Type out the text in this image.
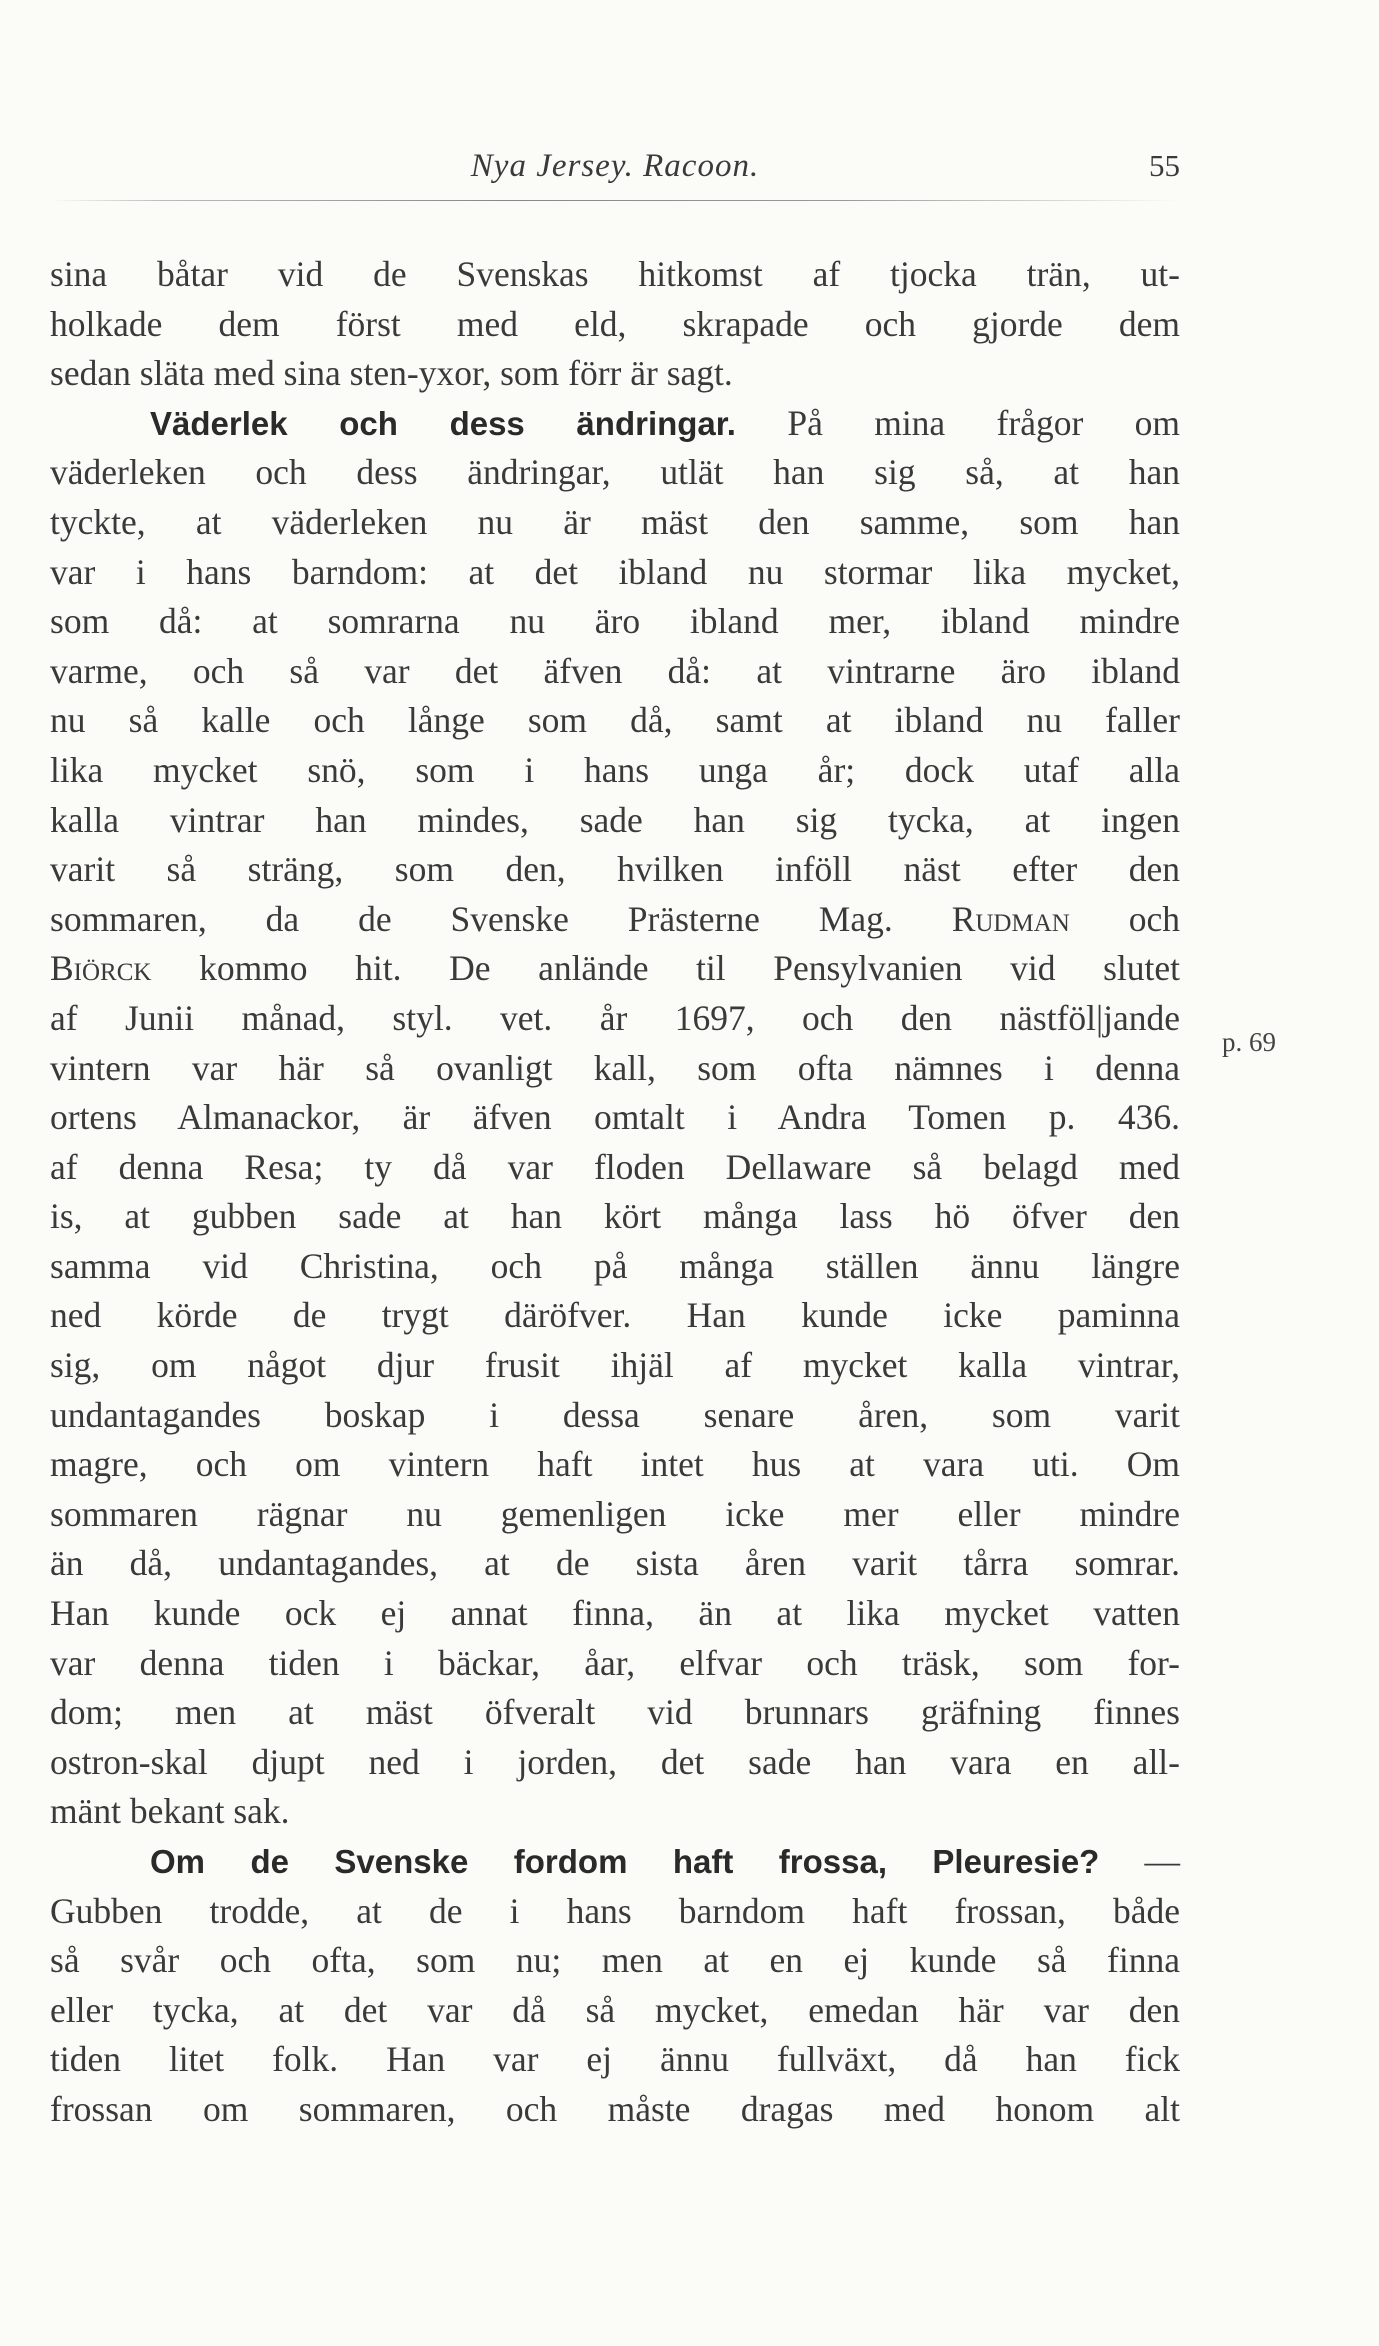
Nya Jersey. Racoon.	55
sina båtar vid de Svenskas hitkomst af tjocka trän, ut-
holkade dem först med eld, skrapade och gjorde dem
sedan släta med sina sten-yxor, som förr är sagt.
Väderlek och dess ändringar. På mina frågor om
väderleken och dess ändringar, utlät han sig så, at han
tyckte, at väderleken nu är mäst den samme, som han
var i hans barndom: at det ibland nu stormar lika mycket,
som då: at somrarna nu äro ibland mer, ibland mindre
varme, och så var det äfven då: at vintrarne äro ibland
nu så kalle och långe som då, samt at ibland nu faller
lika mycket snö, som i hans unga år; dock utaf alla
kalla vintrar han mindes, sade han sig tycka, at ingen
varit så sträng, som den, hvilken inföll näst efter den
sommaren, da de Svenske Prästerne Mag. Rudman och
Biörck kommo hit. De anlände til Pensylvanien vid slutet
af Junii månad, styl. vet. år 1697, och den nästföl|jande
vintern var här så ovanligt kall, som ofta nämnes i denna
ortens Almanackor, är äfven omtalt i Andra Tomen p. 436.
af denna Resa; ty då var floden Dellaware så belagd med
is, at gubben sade at han kört många lass hö öfver den
samma vid Christina, och på många ställen ännu längre
ned körde de trygt däröfver. Han kunde icke paminna
sig, om något djur frusit ihjäl af mycket kalla vintrar,
undantagandes boskap i dessa senare åren, som varit
magre, och om vintern haft intet hus at vara uti. Om
sommaren rägnar nu gemenligen icke mer eller mindre
än då, undantagandes, at de sista åren varit tårra somrar.
Han kunde ock ej annat finna, än at lika mycket vatten
var denna tiden i bäckar, åar, elfvar och träsk, som for-
dom; men at mäst öfveralt vid brunnars gräfning finnes
ostron-skal djupt ned i jorden, det sade han vara en all-
mänt bekant sak.
Om de Svenske fordom haft frossa, Pleuresie? —
Gubben trodde, at de i hans barndom haft frossan, både
så svår och ofta, som nu; men at en ej kunde så finna
eller tycka, at det var då så mycket, emedan här var den
tiden litet folk. Han var ej ännu fullväxt, då han fick
frossan om sommaren, och måste dragas med honom alt
p. 69
